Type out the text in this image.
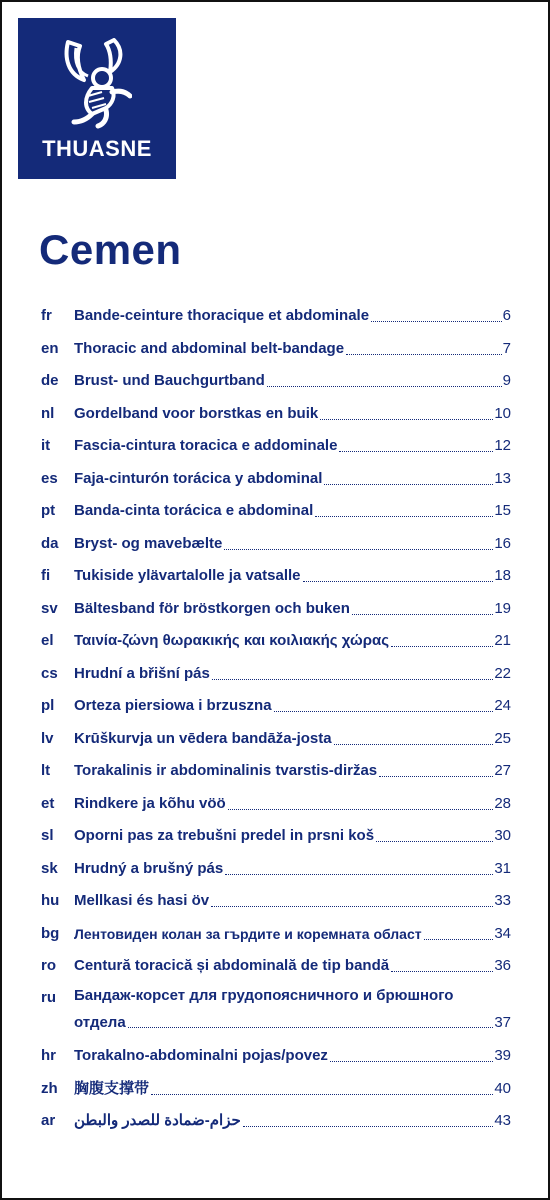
THUASNE
Cemen
fr Bande-ceinture thoracique et abdominale	6
en Thoracic and abdominal belt-bandage	7
de Brust- und Bauchgurtband	9
nl Gordelband voor borstkas en buik	10
it Fascia-cintura toracica e addominale	12
es Faja-cinturón torácica y abdominal	13
pt Banda-cinta torácica e abdominal	15
da Bryst- og mavebælte	16
fi Tukiside ylävartalolle ja vatsalle	18
sv Bältesband för bröstkorgen och buken	19
el Ταινία-ζώνη θωρακικής και κοιλιακής χώρας	21
cs Hrudní a břišní pás	22
pl Orteza piersiowa i brzuszna	24
lv Krūškurvja un vēdera bandāža-josta	25
lt Torakalinis ir abdominalinis tvarstis-diržas	27
et Rindkere ja kõhu vöö	28
sl Oporni pas za trebušni predel in prsni koš	30
sk Hrudný a brušný pás	31
hu Mellkasi és hasi öv	33
bg Лентовиден колан за гърдите и коремната област	34
ro Centură toracică și abdominală de tip bandă	36
ru Бандаж-корсет для грудопоясничного и брюшного
отдела	37
hr Torakalno-abdominalni pojas/povez	39
zh 胸腹支撑带	40
ar حزام-ضمادة للصدر والبطن	43
